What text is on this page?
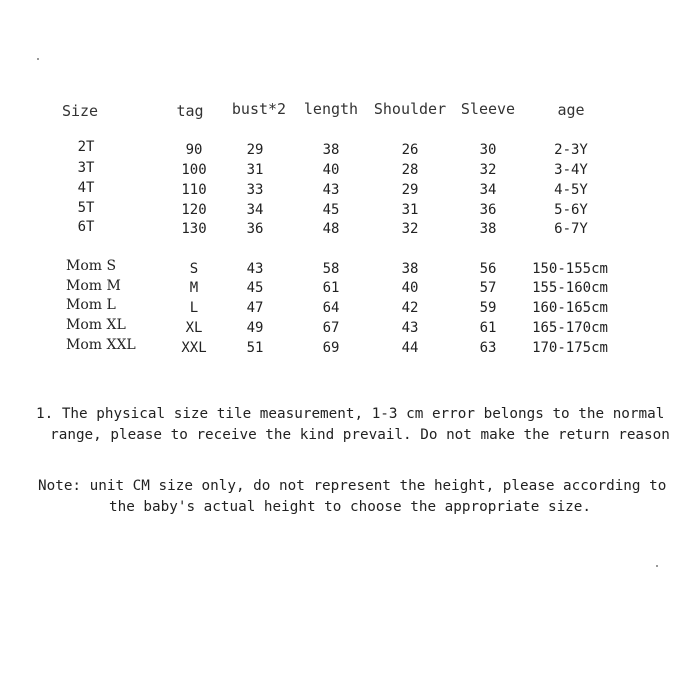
Size	tag bust*2 length Shoulder Sleeve	age
2T	90	29	38	26	30	2-3Y
3T	100	31	40	28	32	3-4Y
4T	110	33	43	29	34	4-5Y
5T	120	34	45	31	36	5-6Y
6T	130	36	48	32	38	6-7Y
Mom S	S	43	58	38	56	150-155cm
Mom M	M	45	61	40	57	155-160cm
Mom L	L	47	64	42	59	160-165cm
Mom XL	XL	49	67	43	61	165-170cm
Mom XXL	XXL	51	69	44	63	170-175cm
1. The physical size tile measurement, 1-3 cm error belongs to the normal
range, please to receive the kind prevail. Do not make the return reason
Note: unit CM size only, do not represent the height, please according to
the baby's actual height to choose the appropriate size.
